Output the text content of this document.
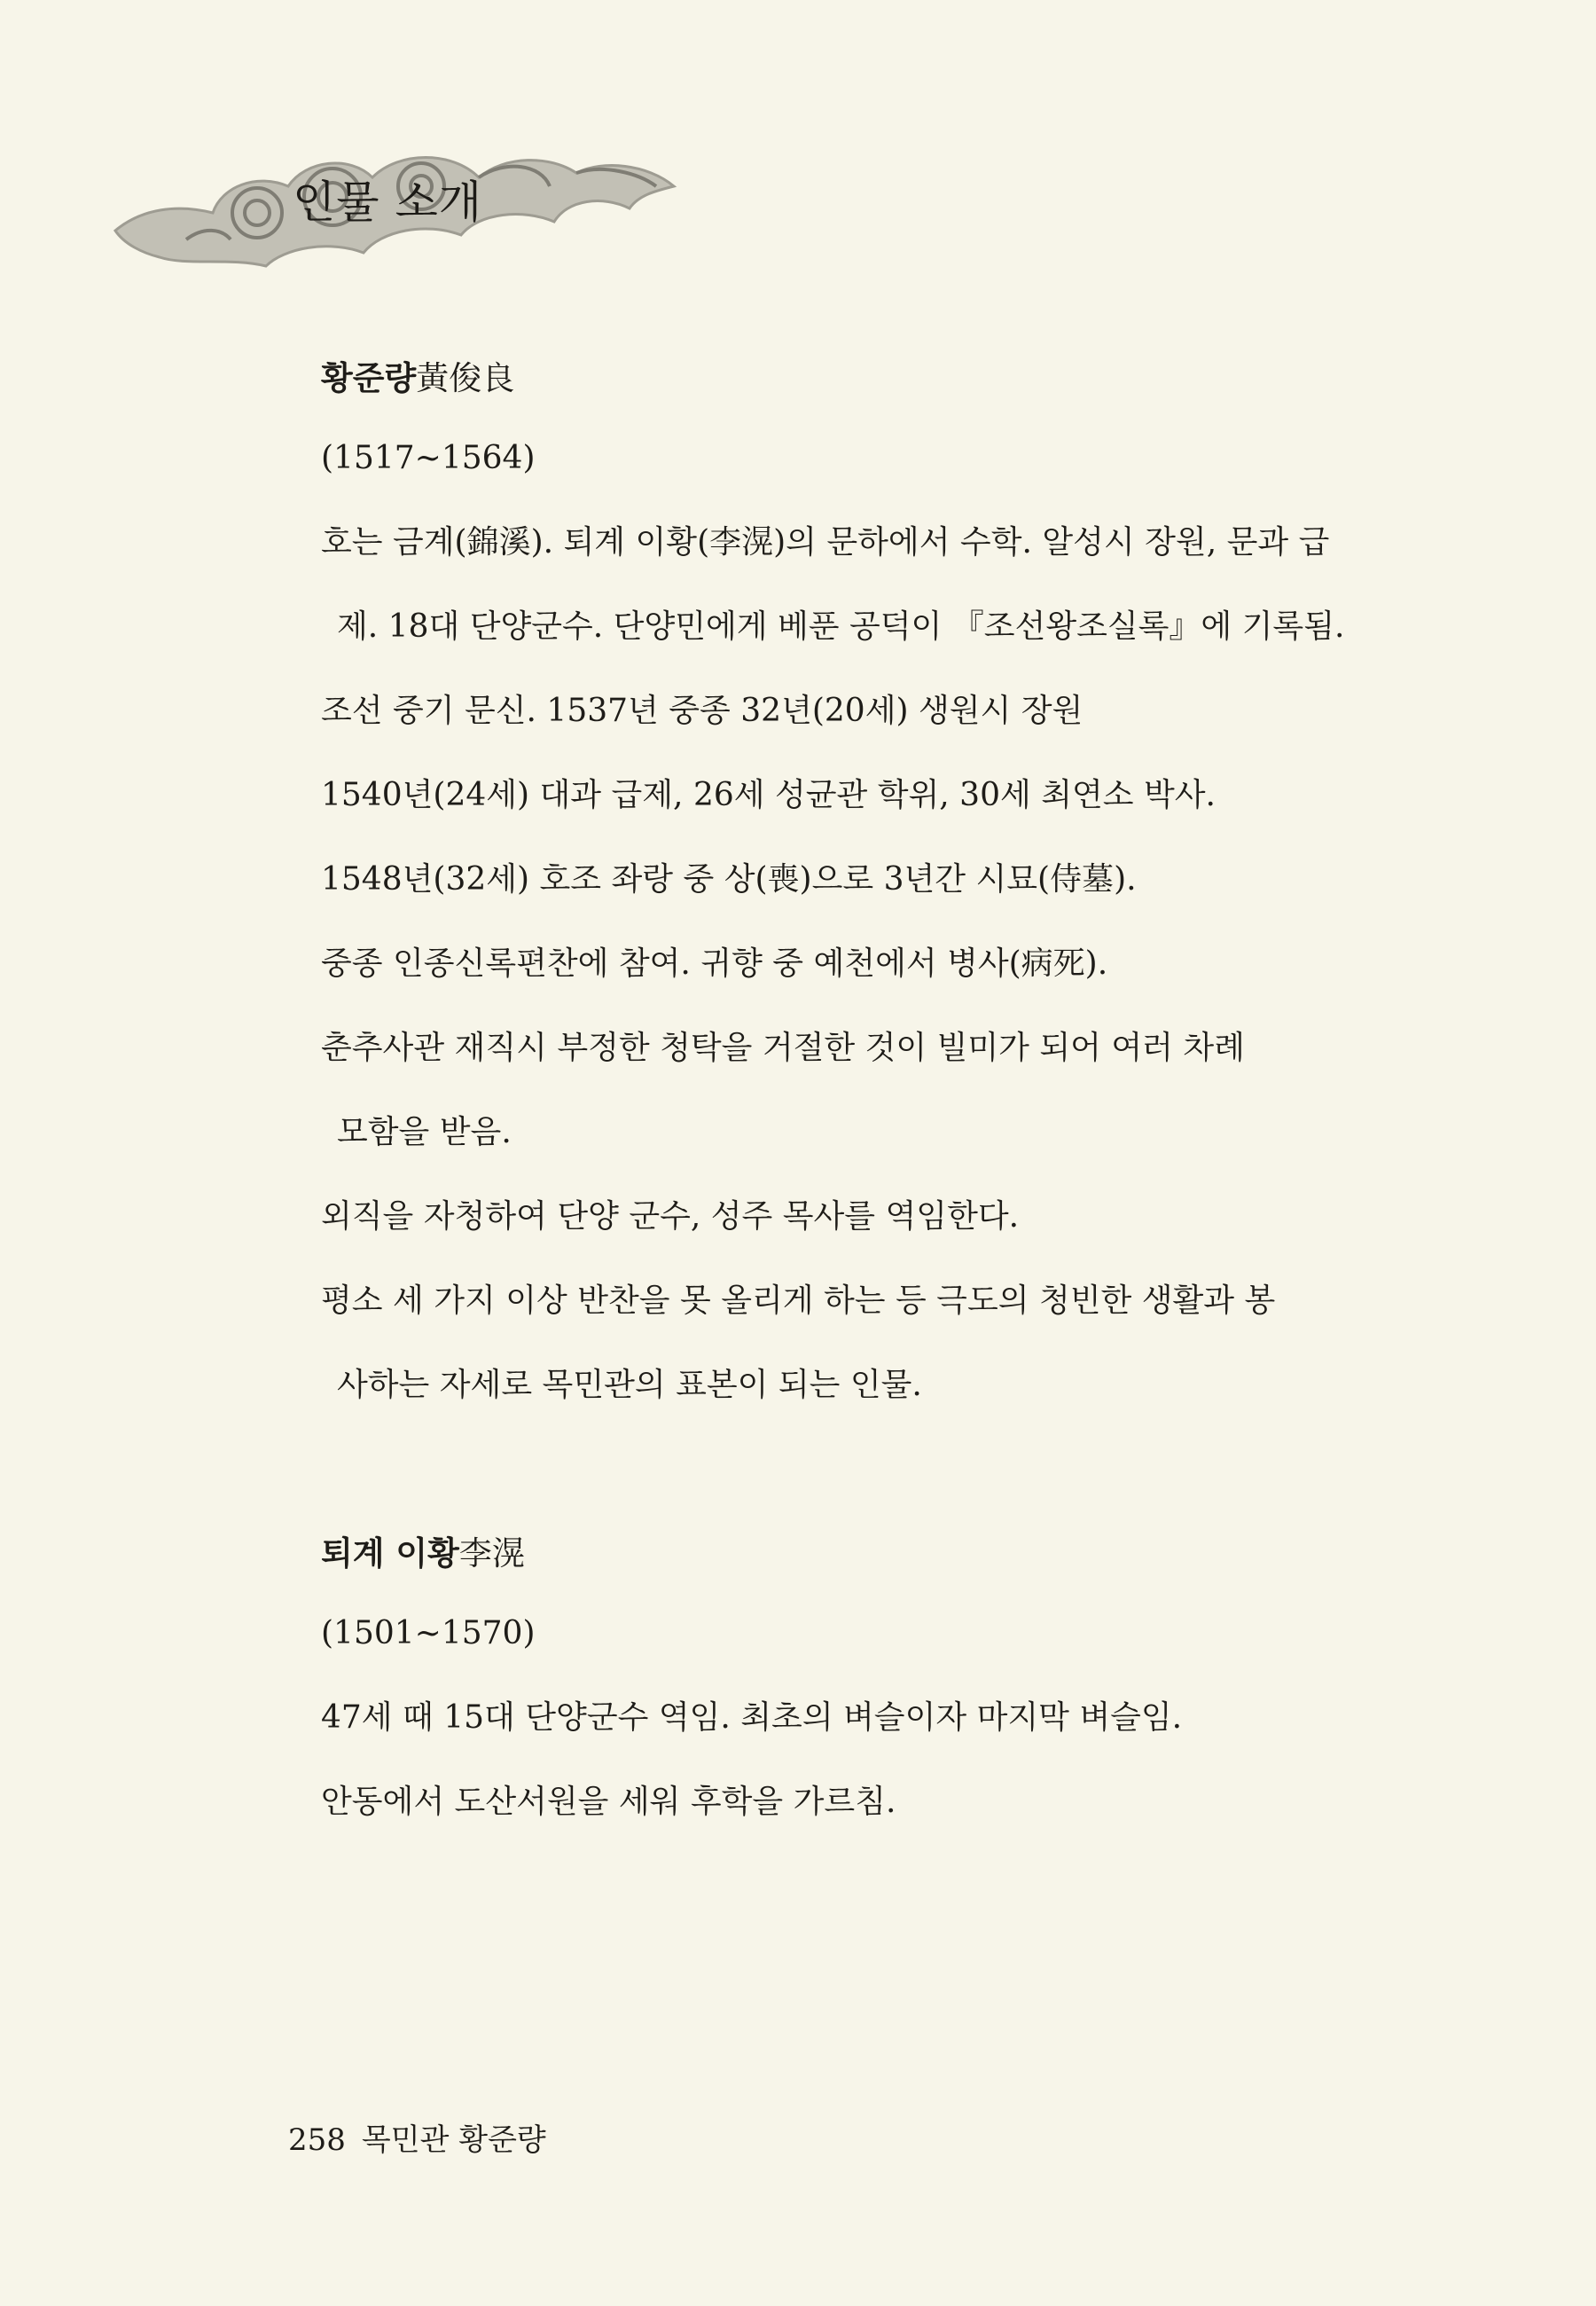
인물 소개
황준량黃俊良

(1517~1564)

호는 금계(錦溪). 퇴계 이황(李滉)의 문하에서 수학. 알성시 장원, 문과 급

제. 18대 단양군수. 단양민에게 베푼 공덕이 『조선왕조실록』에 기록됨.

조선 중기 문신. 1537년 중종 32년(20세) 생원시 장원

1540년(24세) 대과 급제, 26세 성균관 학위, 30세 최연소 박사.

1548년(32세) 호조 좌랑 중 상(喪)으로 3년간 시묘(侍墓).

중종 인종신록편찬에 참여. 귀향 중 예천에서 병사(病死).

춘추사관 재직시 부정한 청탁을 거절한 것이 빌미가 되어 여러 차례

모함을 받음.

외직을 자청하여 단양 군수, 성주 목사를 역임한다.

평소 세 가지 이상 반찬을 못 올리게 하는 등 극도의 청빈한 생활과 봉

사하는 자세로 목민관의 표본이 되는 인물.

퇴계 이황李滉

(1501~1570)

47세 때 15대 단양군수 역임. 최초의 벼슬이자 마지막 벼슬임.

안동에서 도산서원을 세워 후학을 가르침.

258 목민관 황준량
